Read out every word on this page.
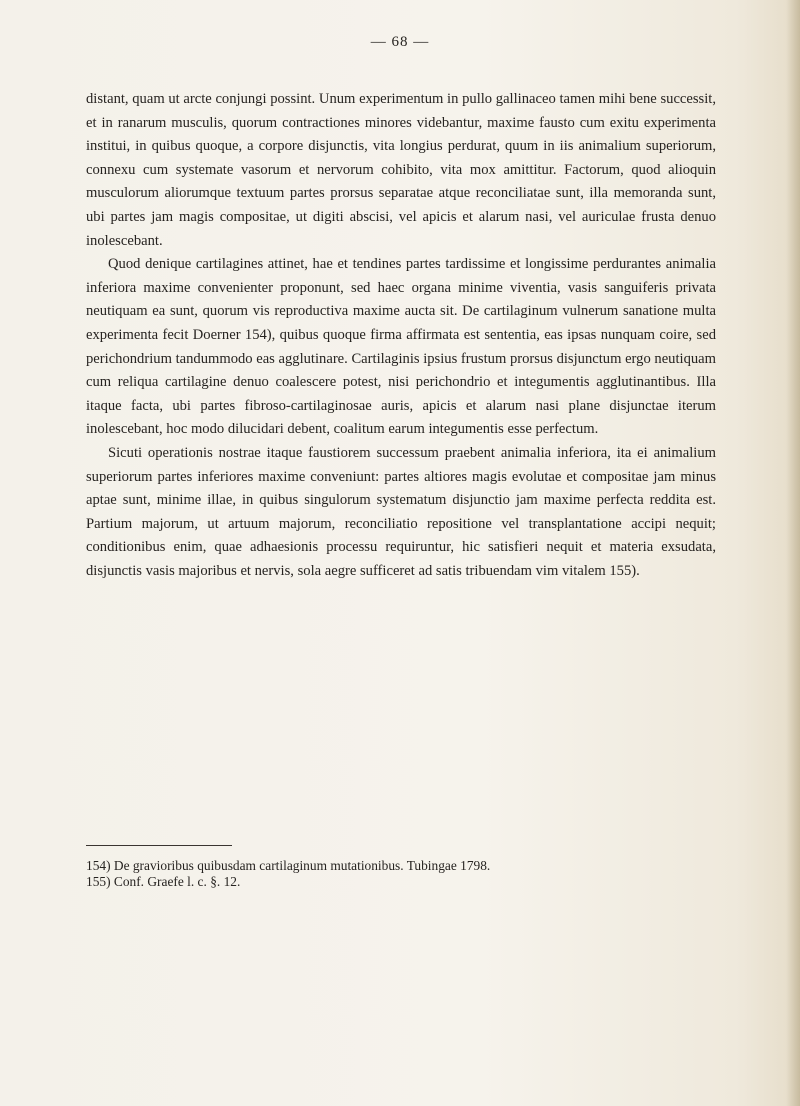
— 68 —

distant, quam ut arcte conjungi possint. Unum experimentum in pullo gallinaceo tamen mihi bene successit, et in ranarum musculis, quorum contractiones minores videbantur, maxime fausto cum exitu experimenta institui, in quibus quoque, a corpore disjunctis, vita longius perdurat, quum in iis animalium superiorum, connexu cum systemate vasorum et nervorum cohibito, vita mox amittitur. Factorum, quod alioquin musculorum aliorumque textuum partes prorsus separatae atque reconciliatae sunt, illa memoranda sunt, ubi partes jam magis compositae, ut digiti abscisi, vel apicis et alarum nasi, vel auriculae frusta denuo inolescebant.

Quod denique cartilagines attinet, hae et tendines partes tardissime et longissime perdurantes animalia inferiora maxime convenienter proponunt, sed haec organa minime viventia, vasis sanguiferis privata neutiquam ea sunt, quorum vis reproductiva maxime aucta sit. De cartilaginum vulnerum sanatione multa experimenta fecit Doerner 154), quibus quoque firma affirmata est sententia, eas ipsas nunquam coire, sed perichondrium tandummodo eas agglutinare. Cartilaginis ipsius frustum prorsus disjunctum ergo neutiquam cum reliqua cartilagine denuo coalescere potest, nisi perichondrio et integumentis agglutinantibus. Illa itaque facta, ubi partes fibroso-cartilaginosae auris, apicis et alarum nasi plane disjunctae iterum inolescebant, hoc modo dilucidari debent, coalitum earum integumentis esse perfectum.

Sicuti operationis nostrae itaque faustiorem successum praebent animalia inferiora, ita ei animalium superiorum partes inferiores maxime conveniunt: partes altiores magis evolutae et compositae jam minus aptae sunt, minime illae, in quibus singulorum systematum disjunctio jam maxime perfecta reddita est. Partium majorum, ut artuum majorum, reconciliatio repositione vel transplantatione accipi nequit; conditionibus enim, quae adhaesionis processu requiruntur, hic satisfieri nequit et materia exsudata, disjunctis vasis majoribus et nervis, sola aegre sufficeret ad satis tribuendam vim vitalem 155).

154) De gravioribus quibusdam cartilaginum mutationibus. Tubingae 1798.

155) Conf. Graefe l. c. §. 12.
